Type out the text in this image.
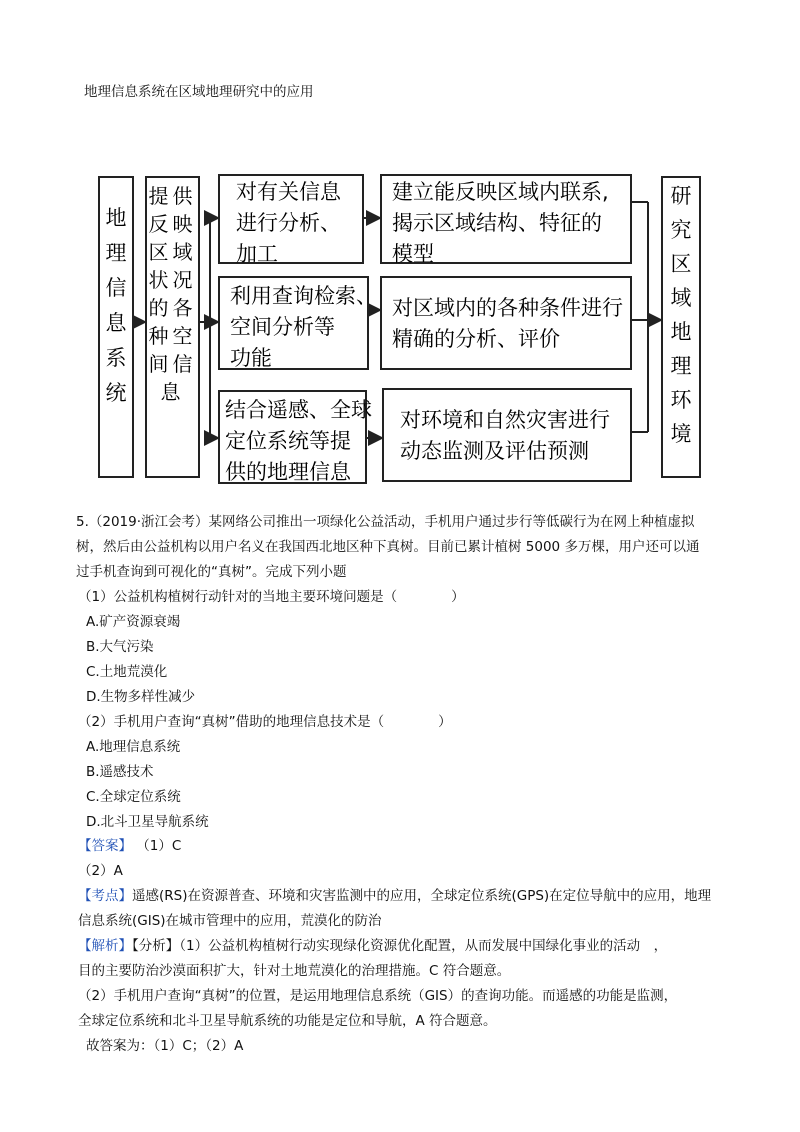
地理信息系统在区域地理研究中的应用
地
理
信
息
系
统
提供
反映
区域
状况
的各
种空
间信
息
对有关信息
进行分析、
加工
利用查询检索、
空间分析等
功能
结合遥感、全球
定位系统等提
供的地理信息
建立能反映区域内联系,
揭示区域结构、特征的
模型
对区域内的各种条件进行
精确的分析、评价
对环境和自然灾害进行
动态监测及评估预测
研
究
区
域
地
理
环
境
5.（2019·浙江会考）某网络公司推出一项绿化公益活动，手机用户通过步行等低碳行为在网上种植虚拟
树，然后由公益机构以用户名义在我国西北地区种下真树。目前已累计植树 5000 多万棵，用户还可以通
过手机查询到可视化的“真树”。完成下列小题
（1）公益机构植树行动针对的当地主要环境问题是（　　　　）
A.矿产资源衰竭
B.大气污染
C.土地荒漠化
D.生物多样性减少
（2）手机用户查询“真树”借助的地理信息技术是（　　　　）
A.地理信息系统
B.遥感技术
C.全球定位系统
D.北斗卫星导航系统
【答案】 （1）C
（2）A
【考点】遥感(RS)在资源普查、环境和灾害监测中的应用，全球定位系统(GPS)在定位导航中的应用，地理
信息系统(GIS)在城市管理中的应用，荒漠化的防治
【解析】【分析】（1）公益机构植树行动实现绿化资源优化配置，从而发展中国绿化事业的活动　，
目的主要防治沙漠面积扩大，针对土地荒漠化的治理措施。C 符合题意。
（2）手机用户查询“真树”的位置，是运用地理信息系统（GIS）的查询功能。而遥感的功能是监测，
全球定位系统和北斗卫星导航系统的功能是定位和导航，A 符合题意。
故答案为：（1）C；（2）A
